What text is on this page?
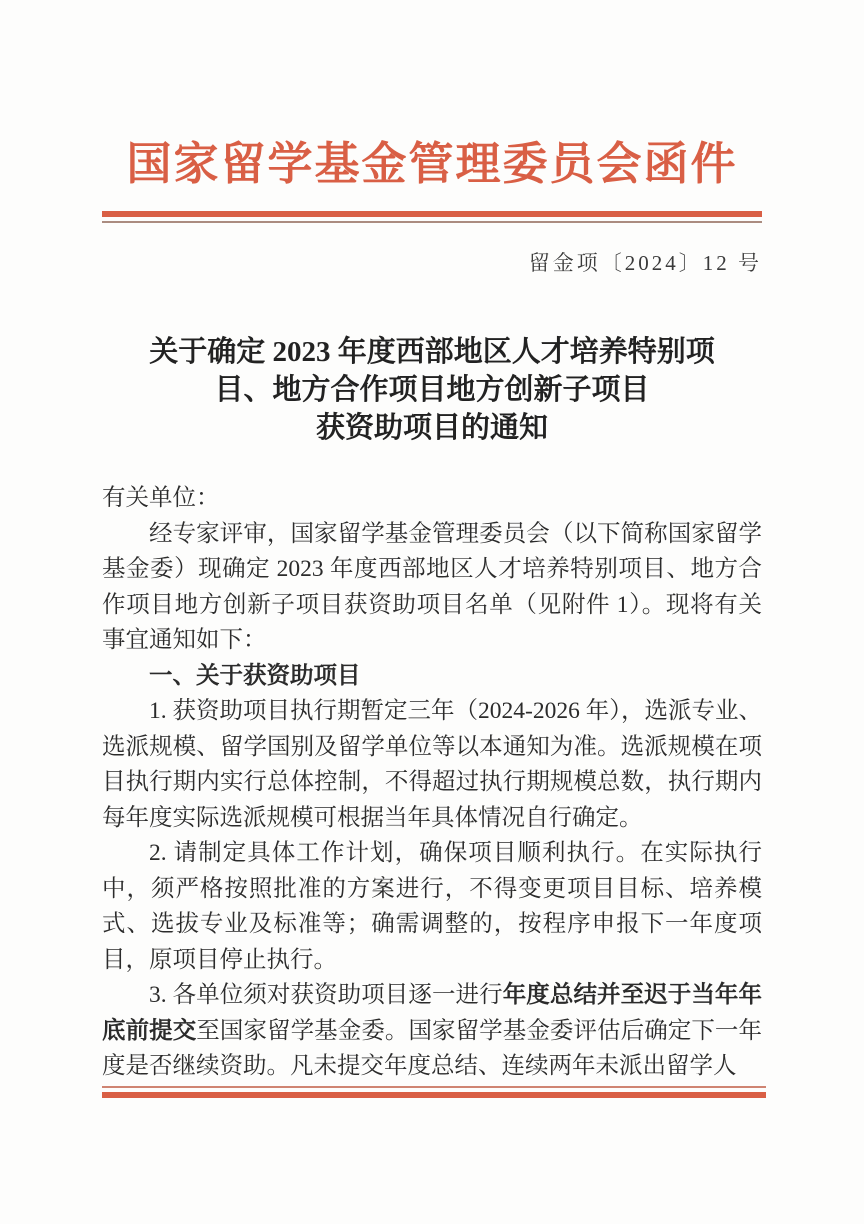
国家留学基金管理委员会函件
留金项〔2024〕12 号
关于确定 2023 年度西部地区人才培养特别项
目、地方合作项目地方创新子项目
获资助项目的通知

有关单位：

经专家评审，国家留学基金管理委员会（以下简称国家留学基金委）现确定 2023 年度西部地区人才培养特别项目、地方合作项目地方创新子项目获资助项目名单（见附件 1）。现将有关事宜通知如下：

一、关于获资助项目

1. 获资助项目执行期暂定三年（2024-2026 年），选派专业、选派规模、留学国别及留学单位等以本通知为准。选派规模在项目执行期内实行总体控制，不得超过执行期规模总数，执行期内每年度实际选派规模可根据当年具体情况自行确定。

2. 请制定具体工作计划，确保项目顺利执行。在实际执行中，须严格按照批准的方案进行，不得变更项目目标、培养模式、选拔专业及标准等；确需调整的，按程序申报下一年度项目，原项目停止执行。

3. 各单位须对获资助项目逐一进行年度总结并至迟于当年年底前提交至国家留学基金委。国家留学基金委评估后确定下一年度是否继续资助。凡未提交年度总结、连续两年未派出留学人
